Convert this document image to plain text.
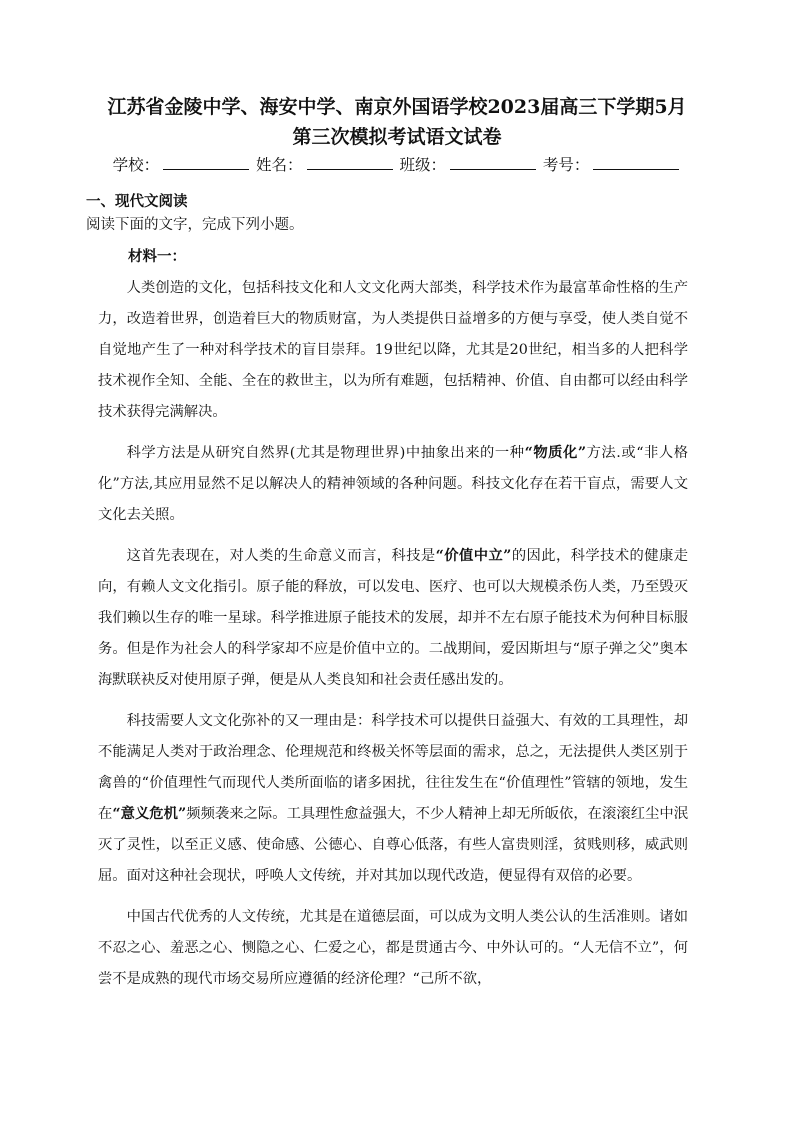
江苏省金陵中学、海安中学、南京外国语学校2023届高三下学期5月
第三次模拟考试语文试卷
学校：	姓名：	班级：	考号：
一、现代文阅读
阅读下面的文字，完成下列小题。
材料一：

人类创造的文化，包括科技文化和人文文化两大部类，科学技术作为最富革命性格的生产力，改造着世界，创造着巨大的物质财富，为人类提供日益增多的方便与享受，使人类自觉不自觉地产生了一种对科学技术的盲目崇拜。19世纪以降，尤其是20世纪，相当多的人把科学技术视作全知、全能、全在的救世主，以为所有难题，包括精神、价值、自由都可以经由科学技术获得完满解决。

科学方法是从研究自然界(尤其是物理世界)中抽象出来的一种“物质化”方法.或“非人格化”方法,其应用显然不足以解决人的精神领域的各种问题。科技文化存在若干盲点，需要人文文化去关照。

这首先表现在，对人类的生命意义而言，科技是“价值中立”的因此，科学技术的健康走向，有赖人文文化指引。原子能的释放，可以发电、医疗、也可以大规模杀伤人类，乃至毁灭我们赖以生存的唯一星球。科学推进原子能技术的发展，却并不左右原子能技术为何种目标服务。但是作为社会人的科学家却不应是价值中立的。二战期间，爱因斯坦与“原子弹之父”奥本海默联袂反对使用原子弹，便是从人类良知和社会责任感出发的。

科技需要人文文化弥补的又一理由是：科学技术可以提供日益强大、有效的工具理性，却不能满足人类对于政治理念、伦理规范和终极关怀等层面的需求，总之，无法提供人类区别于禽兽的“价值理性气而现代人类所面临的诸多困扰，往往发生在“价值理性”管辖的领地，发生在“意义危机”频频袭来之际。工具理性愈益强大，不少人精神上却无所皈依，在滚滚红尘中泯灭了灵性，以至正义感、使命感、公德心、自尊心低落，有些人富贵则淫，贫贱则移，威武则屈。面对这种社会现状，呼唤人文传统，并对其加以现代改造，便显得有双倍的必要。

中国古代优秀的人文传统，尤其是在道德层面，可以成为文明人类公认的生活准则。诸如不忍之心、羞恶之心、恻隐之心、仁爱之心，都是贯通古今、中外认可的。“人无信不立”，何尝不是成熟的现代市场交易所应遵循的经济伦理？“己所不欲，
